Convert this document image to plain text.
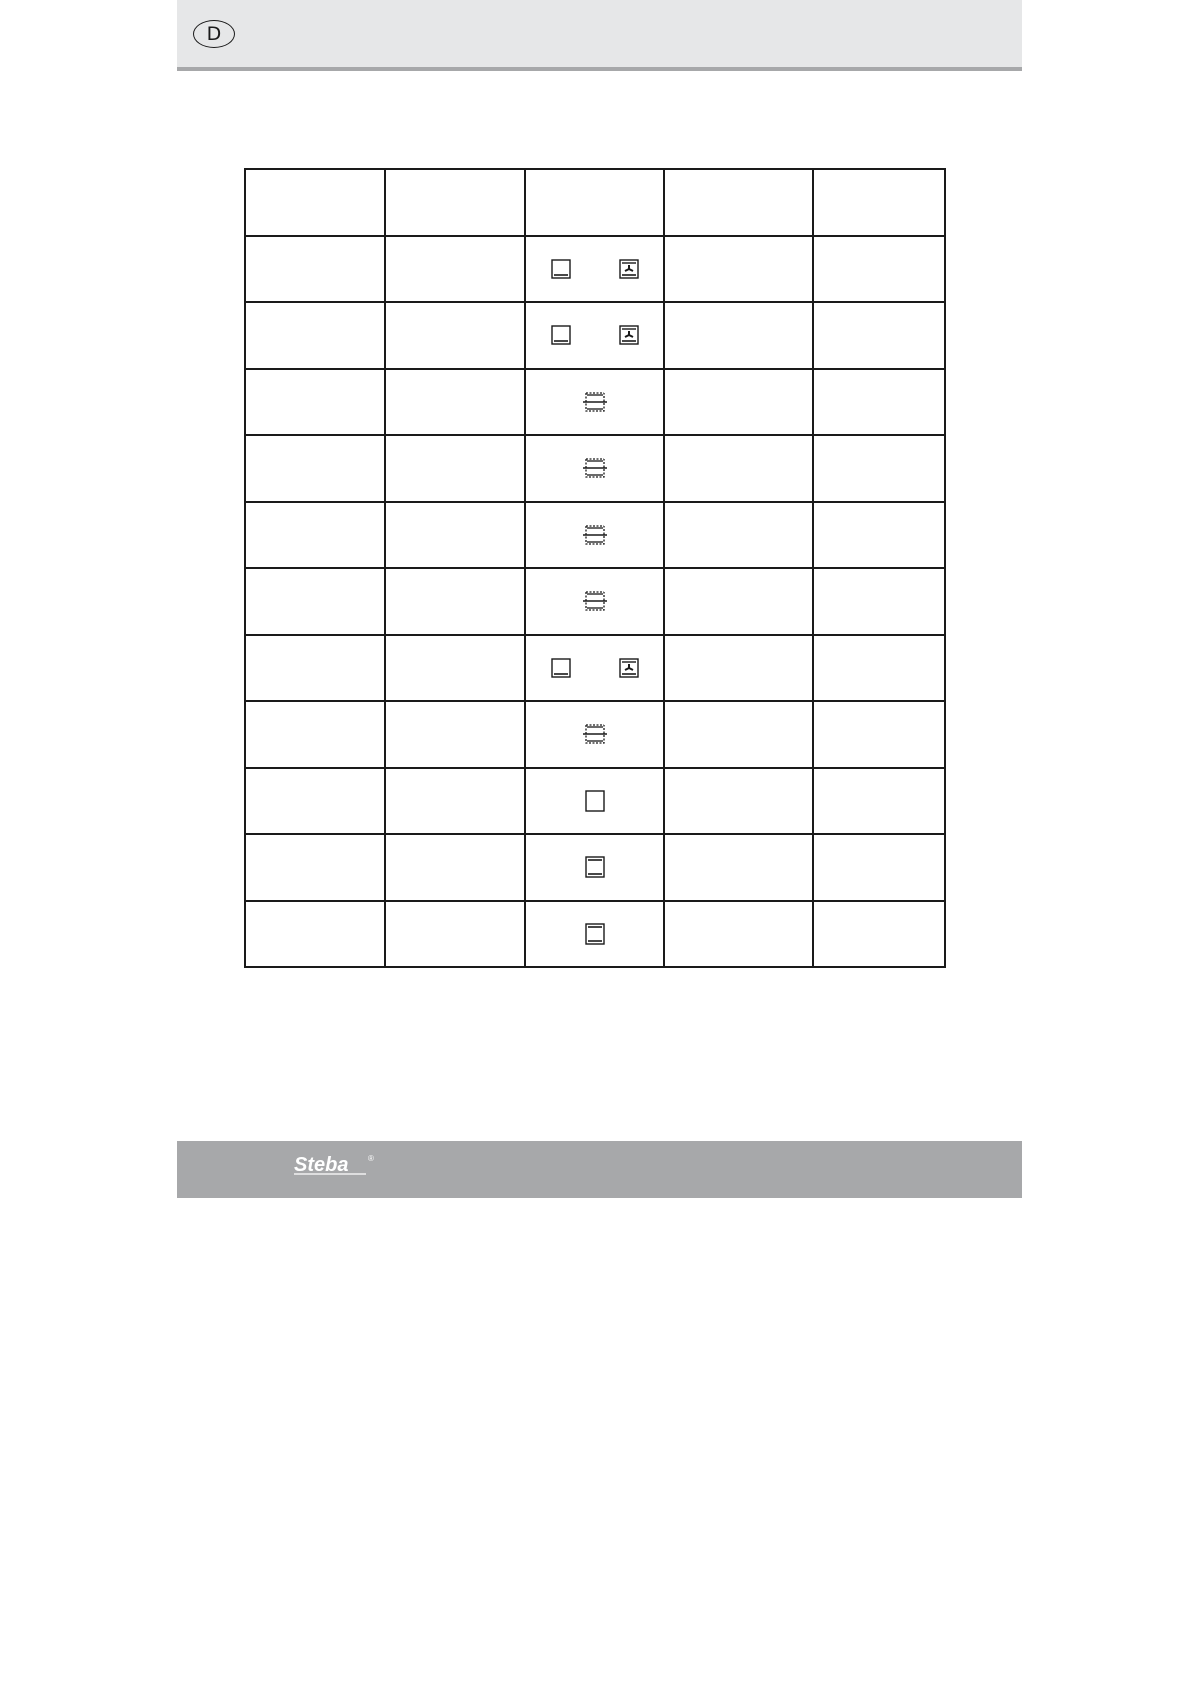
D

Steba ®
